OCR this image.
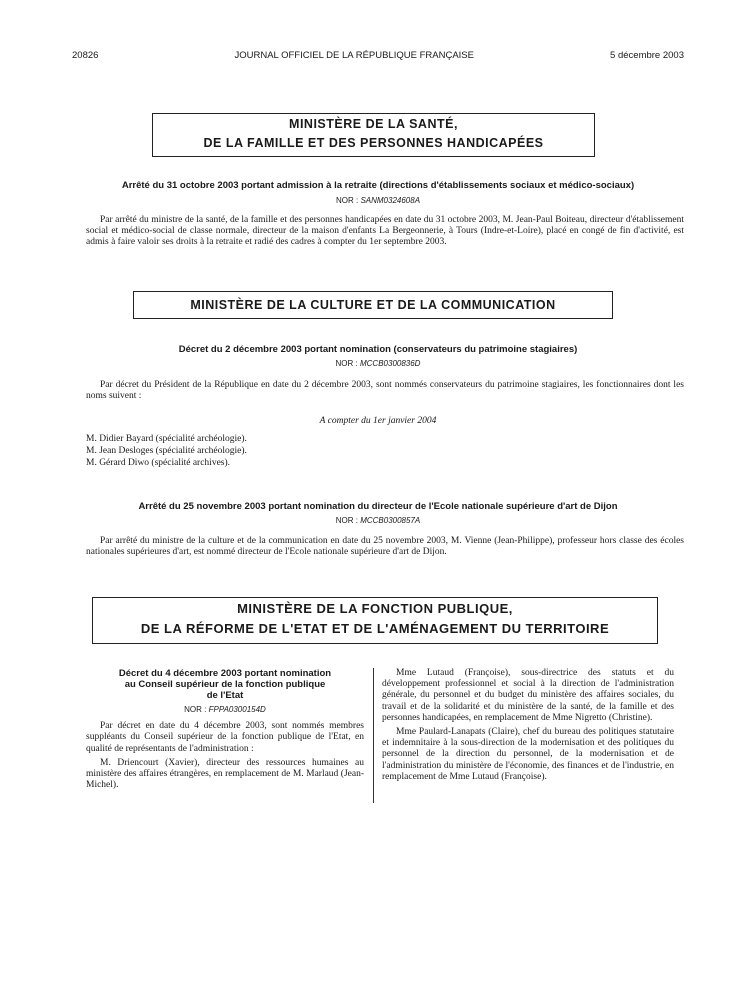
20826	JOURNAL OFFICIEL DE LA RÉPUBLIQUE FRANÇAISE	5 décembre 2003
MINISTÈRE DE LA SANTÉ,
DE LA FAMILLE ET DES PERSONNES HANDICAPÉES
Arrêté du 31 octobre 2003 portant admission à la retraite (directions d'établissements sociaux et médico-sociaux)
NOR : SANM0324608A
Par arrêté du ministre de la santé, de la famille et des personnes handicapées en date du 31 octobre 2003, M. Jean-Paul Boiteau, directeur d'établissement social et médico-social de classe normale, directeur de la maison d'enfants La Bergeonnerie, à Tours (Indre-et-Loire), placé en congé de fin d'activité, est admis à faire valoir ses droits à la retraite et radié des cadres à compter du 1er septembre 2003.
MINISTÈRE DE LA CULTURE ET DE LA COMMUNICATION
Décret du 2 décembre 2003 portant nomination (conservateurs du patrimoine stagiaires)
NOR : MCCB0300836D
Par décret du Président de la République en date du 2 décembre 2003, sont nommés conservateurs du patrimoine stagiaires, les fonctionnaires dont les noms suivent :
A compter du 1er janvier 2004
M. Didier Bayard (spécialité archéologie).
M. Jean Desloges (spécialité archéologie).
M. Gérard Diwo (spécialité archives).
Arrêté du 25 novembre 2003 portant nomination du directeur de l'Ecole nationale supérieure d'art de Dijon
NOR : MCCB0300857A
Par arrêté du ministre de la culture et de la communication en date du 25 novembre 2003, M. Vienne (Jean-Philippe), professeur hors classe des écoles nationales supérieures d'art, est nommé directeur de l'Ecole nationale supérieure d'art de Dijon.
MINISTÈRE DE LA FONCTION PUBLIQUE,
DE LA RÉFORME DE L'ETAT ET DE L'AMÉNAGEMENT DU TERRITOIRE
Décret du 4 décembre 2003 portant nomination
au Conseil supérieur de la fonction publique
de l'Etat
NOR : FPPA0300154D

Par décret en date du 4 décembre 2003, sont nommés membres suppléants du Conseil supérieur de la fonction publique de l'Etat, en qualité de représentants de l'administration :

M. Driencourt (Xavier), directeur des ressources humaines au ministère des affaires étrangères, en remplacement de M. Marlaud (Jean-Michel).

Mme Lutaud (Françoise), sous-directrice des statuts et du développement professionnel et social à la direction de l'administration générale, du personnel et du budget du ministère des affaires sociales, du travail et de la solidarité et du ministère de la santé, de la famille et des personnes handicapées, en remplacement de Mme Nigretto (Christine).

Mme Paulard-Lanapats (Claire), chef du bureau des politiques statutaire et indemnitaire à la sous-direction de la modernisation et des politiques du personnel de la direction du personnel, de la modernisation et de l'administration du ministère de l'économie, des finances et de l'industrie, en remplacement de Mme Lutaud (Françoise).
